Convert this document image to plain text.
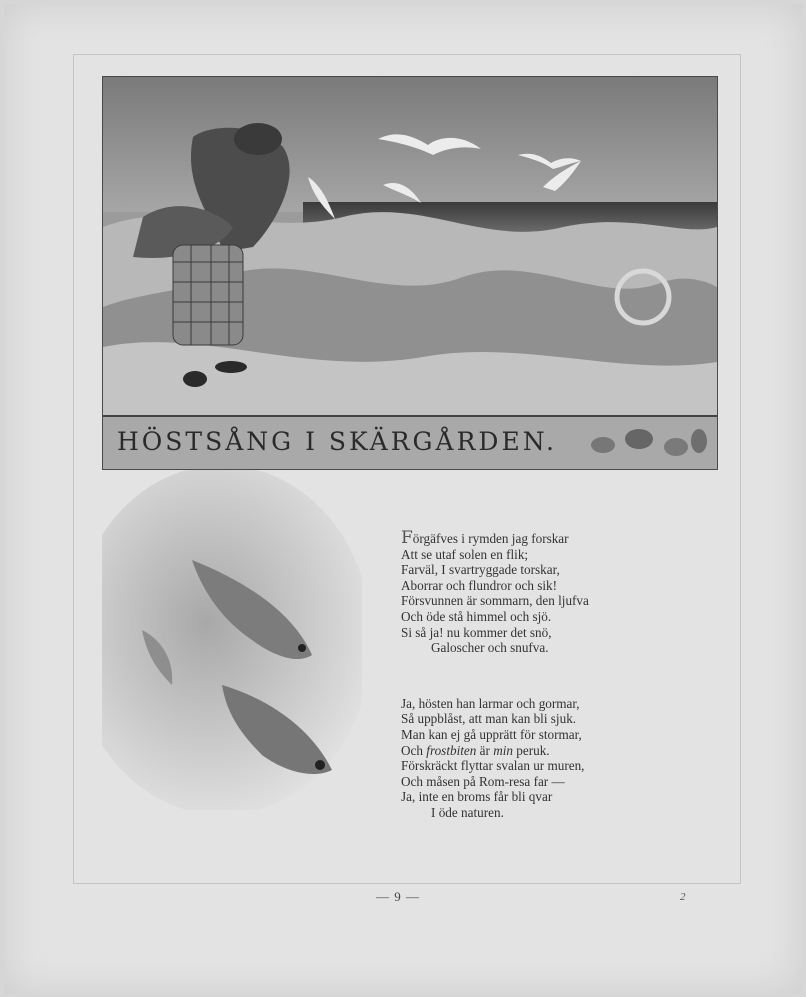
HÖSTSÅNG I SKÄRGÅRDEN.
Förgäfves i rymden jag forskar
Att se utaf solen en flik;
Farväl, I svartryggade torskar,
Aborrar och flundror och sik!
Försvunnen är sommarn, den ljufva
Och öde stå himmel och sjö.
Si så ja! nu kommer det snö,
Galoscher och snufva.
Ja, hösten han larmar och gormar,
Så uppblåst, att man kan bli sjuk.
Man kan ej gå upprätt för stormar,
Och frostbiten är min peruk.
Förskräckt flyttar svalan ur muren,
Och måsen på Rom-resa far —
Ja, inte en broms får bli qvar
I öde naturen.
— 9 —	2
